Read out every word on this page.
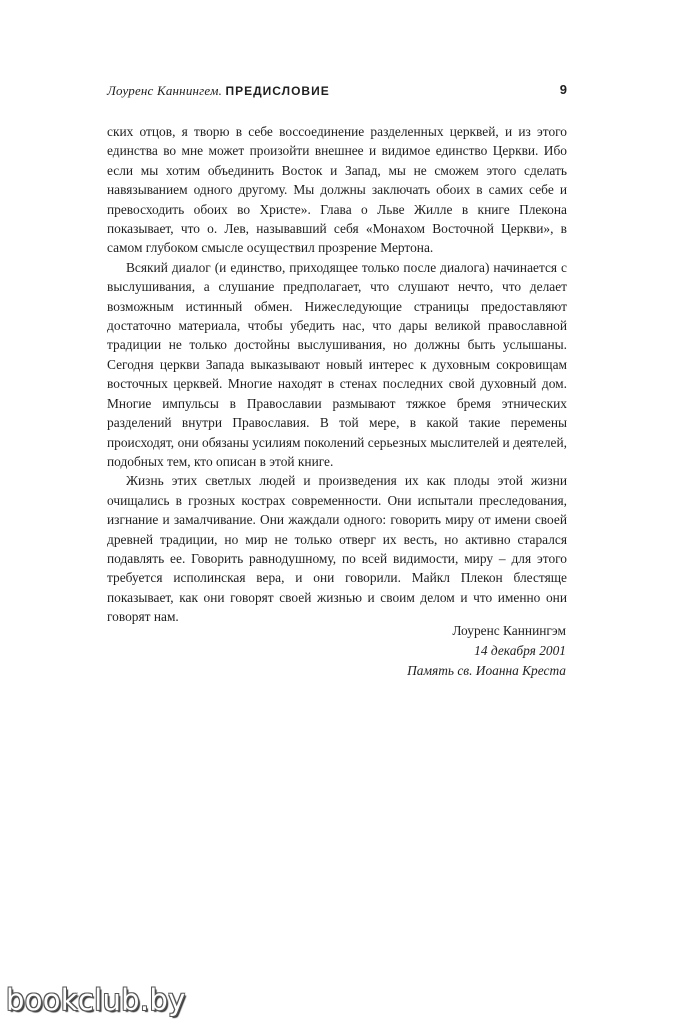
Лоуренс Каннингем. ПРЕДИСЛОВИЕ	9

ских отцов, я творю в себе воссоединение разделенных церквей, и из этого единства во мне может произойти внешнее и видимое единство Церкви. Ибо если мы хотим объединить Восток и Запад, мы не сможем этого сделать навязыванием одного другому. Мы должны заключать обоих в самих себе и превосходить обоих во Христе». Глава о Льве Жилле в книге Плекона показывает, что о. Лев, называвший себя «Монахом Восточной Церкви», в самом глубоком смысле осуществил прозрение Мертона.

Всякий диалог (и единство, приходящее только после диалога) начинается с выслушивания, а слушание предполагает, что слушают нечто, что делает возможным истинный обмен. Нижеследующие страницы предоставляют достаточно материала, чтобы убедить нас, что дары великой православной традиции не только достойны выслушивания, но должны быть услышаны. Сегодня церкви Запада выказывают новый интерес к духовным сокровищам восточных церквей. Многие находят в стенах последних свой духовный дом. Многие импульсы в Православии размывают тяжкое бремя этнических разделений внутри Православия. В той мере, в какой такие перемены происходят, они обязаны усилиям поколений серьезных мыслителей и деятелей, подобных тем, кто описан в этой книге.

Жизнь этих светлых людей и произведения их как плоды этой жизни очищались в грозных кострах современности. Они испытали преследования, изгнание и замалчивание. Они жаждали одного: говорить миру от имени своей древней традиции, но мир не только отверг их весть, но активно старался подавлять ее. Говорить равнодушному, по всей видимости, миру – для этого требуется исполинская вера, и они говорили. Майкл Плекон блестяще показывает, как они говорят своей жизнью и своим делом и что именно они говорят нам.

Лоуренс Каннингэм
14 декабря 2001
Память св. Иоанна Креста
bookclub.by
